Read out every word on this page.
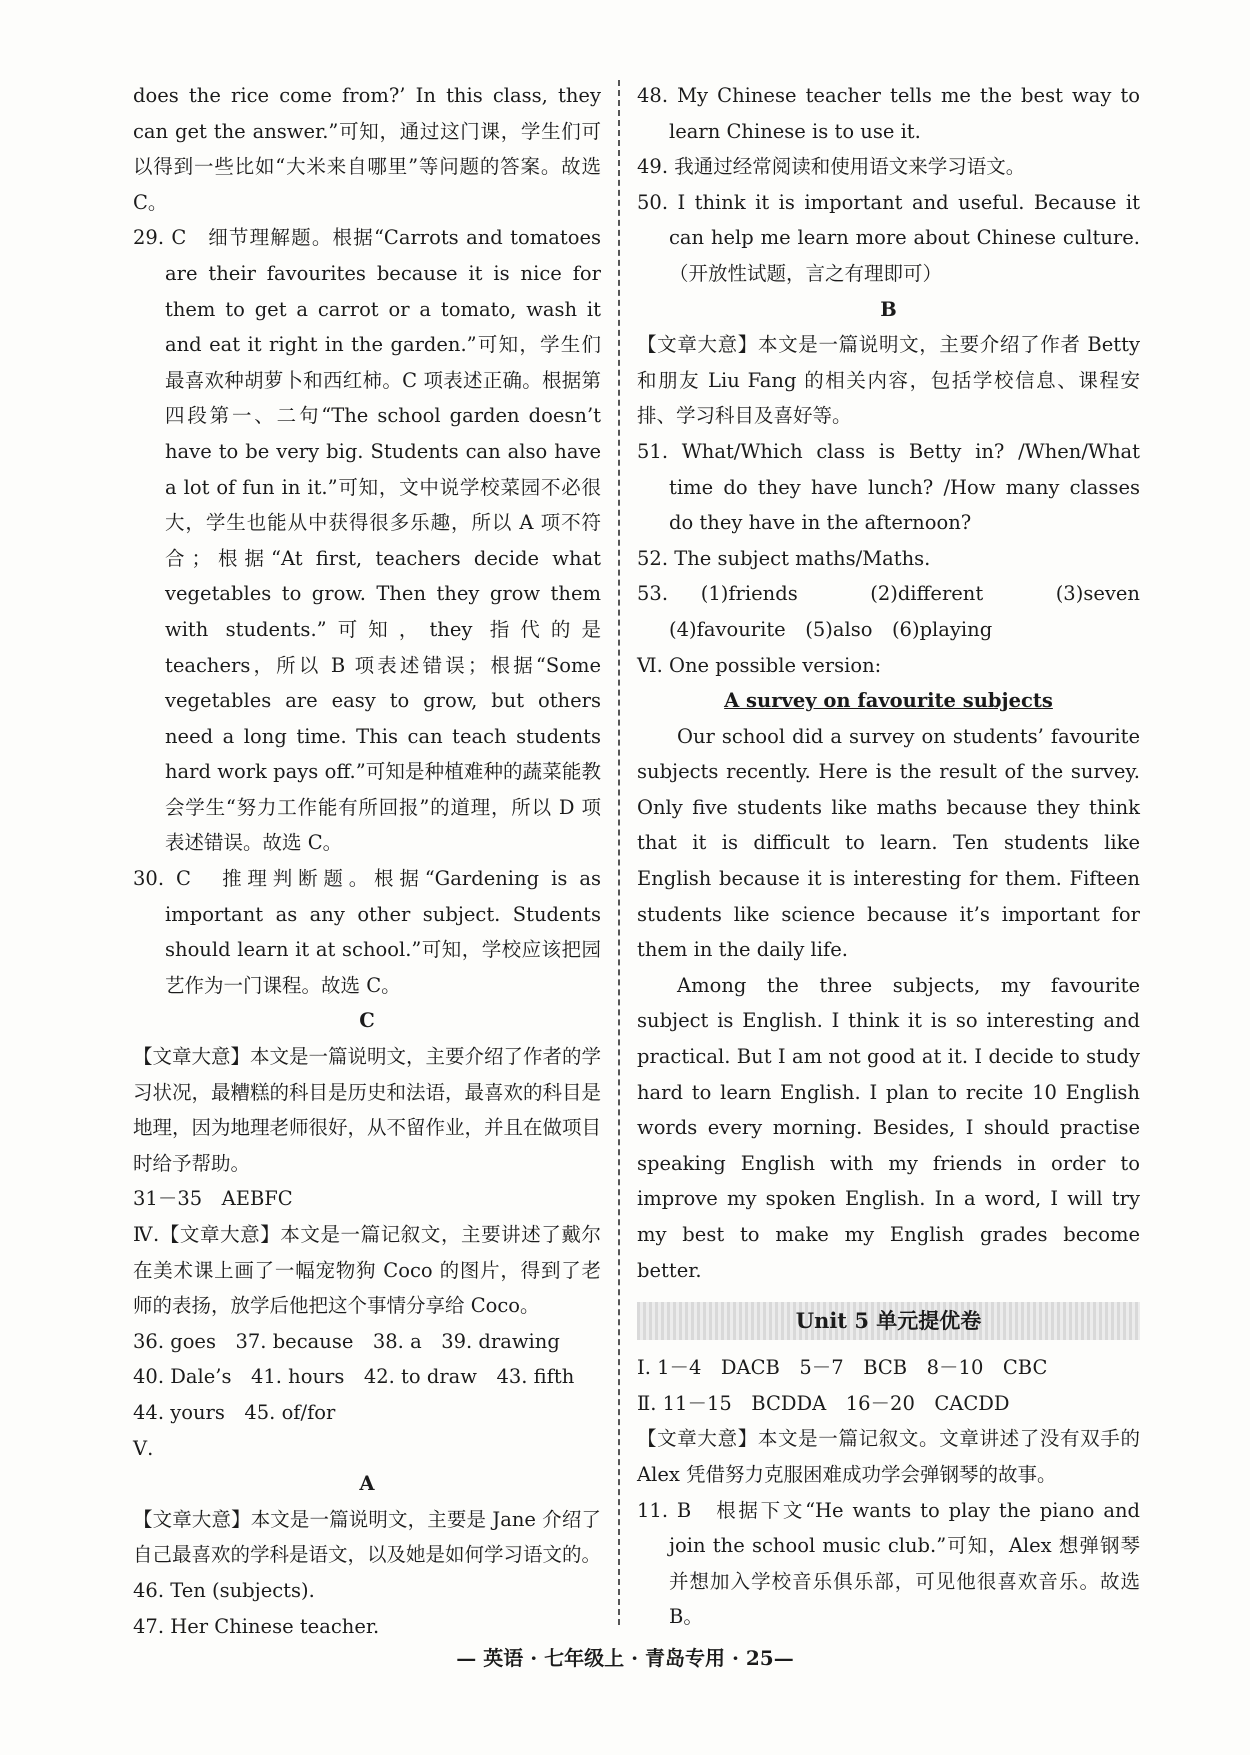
does the rice come from?’ In this class, they can get the answer.”可知，通过这门课，学生们可以得到一些比如“大米来自哪里”等问题的答案。故选 C。
29. C　细节理解题。根据“Carrots and tomatoes are their favourites because it is nice for them to get a carrot or a tomato, wash it and eat it right in the garden.”可知，学生们最喜欢种胡萝卜和西红柿。C 项表述正确。根据第四段第一、二句“The school garden doesn’t have to be very big. Students can also have a lot of fun in it.”可知，文中说学校菜园不必很大，学生也能从中获得很多乐趣，所以 A 项不符合；根据“At first, teachers decide what vegetables to grow. Then they grow them with students.”可知，they 指代的是 teachers，所以 B 项表述错误；根据“Some vegetables are easy to grow, but others need a long time. This can teach students hard work pays off.”可知是种植难种的蔬菜能教会学生“努力工作能有所回报”的道理，所以 D 项表述错误。故选 C。
30. C　推理判断题。根据“Gardening is as important as any other subject. Students should learn it at school.”可知，学校应该把园艺作为一门课程。故选 C。
C
【文章大意】本文是一篇说明文，主要介绍了作者的学习状况，最糟糕的科目是历史和法语，最喜欢的科目是地理，因为地理老师很好，从不留作业，并且在做项目时给予帮助。
31－35　AEBFC
Ⅳ.【文章大意】本文是一篇记叙文，主要讲述了戴尔在美术课上画了一幅宠物狗 Coco 的图片，得到了老师的表扬，放学后他把这个事情分享给 Coco。
36. goes　37. because　38. a　39. drawing
40. Dale’s　41. hours　42. to draw　43. fifth
44. yours　45. of/for
Ⅴ.
A
【文章大意】本文是一篇说明文，主要是 Jane 介绍了自己最喜欢的学科是语文，以及她是如何学习语文的。
46. Ten (subjects).
47. Her Chinese teacher.
48. My Chinese teacher tells me the best way to learn Chinese is to use it.
49. 我通过经常阅读和使用语文来学习语文。
50. I think it is important and useful. Because it can help me learn more about Chinese culture.（开放性试题，言之有理即可）
B
【文章大意】本文是一篇说明文，主要介绍了作者 Betty 和朋友 Liu Fang 的相关内容，包括学校信息、课程安排、学习科目及喜好等。
51. What/Which class is Betty in? /When/What time do they have lunch? /How many classes do they have in the afternoon?
52. The subject maths/Maths.
53. (1)friends　(2)different　(3)seven　(4)favourite　(5)also　(6)playing
Ⅵ. One possible version:
A survey on favourite subjects
Our school did a survey on students’ favourite subjects recently. Here is the result of the survey. Only five students like maths because they think that it is difficult to learn. Ten students like English because it is interesting for them. Fifteen students like science because it’s important for them in the daily life.
Among the three subjects, my favourite subject is English. I think it is so interesting and practical. But I am not good at it. I decide to study hard to learn English. I plan to recite 10 English words every morning. Besides, I should practise speaking English with my friends in order to improve my spoken English. In a word, I will try my best to make my English grades become better.
Unit 5 单元提优卷
Ⅰ. 1－4　DACB　5－7　BCB　8－10　CBC
Ⅱ. 11－15　BCDDA　16－20　CACDD
【文章大意】本文是一篇记叙文。文章讲述了没有双手的 Alex 凭借努力克服困难成功学会弹钢琴的故事。
11. B　根据下文“He wants to play the piano and join the school music club.”可知，Alex 想弹钢琴并想加入学校音乐俱乐部，可见他很喜欢音乐。故选 B。
— 英语 · 七年级上 · 青岛专用 · 25—
